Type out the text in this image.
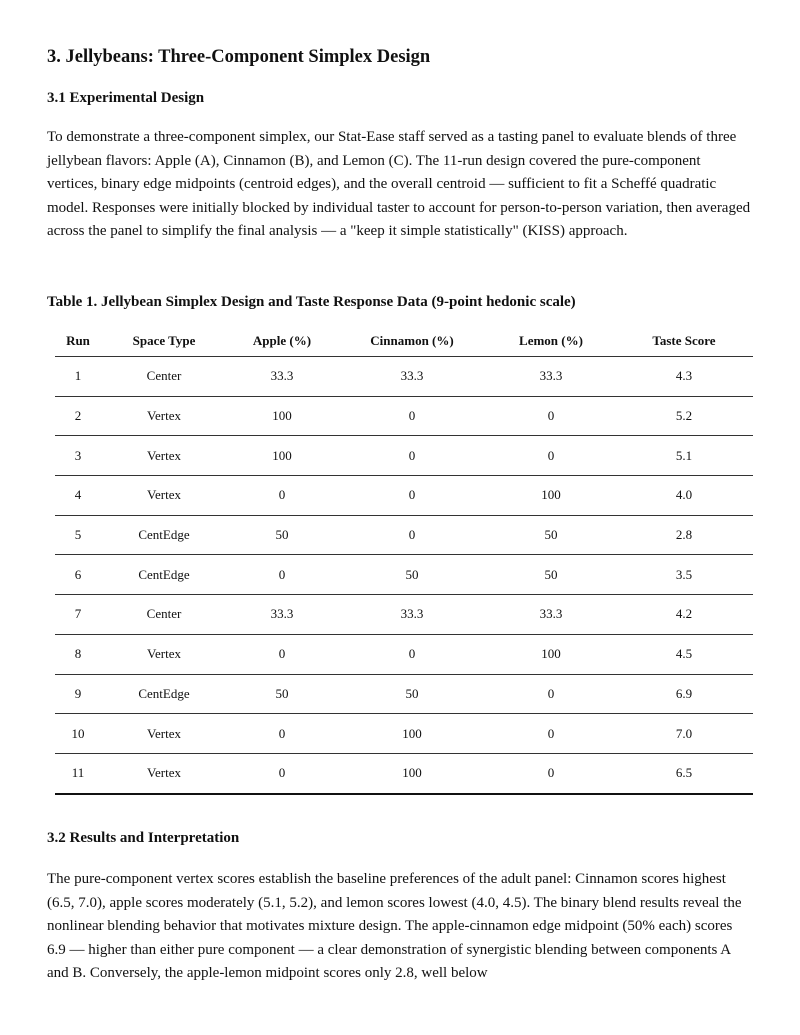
3. Jellybeans: Three-Component Simplex Design
3.1 Experimental Design

To demonstrate a three-component simplex, our Stat-Ease staff served as a tasting panel to evaluate blends of three jellybean flavors: Apple (A), Cinnamon (B), and Lemon (C). The 11-run design covered the pure-component vertices, binary edge midpoints (centroid edges), and the overall centroid — sufficient to fit a Scheffé quadratic model. Responses were initially blocked by individual taster to account for person-to-person variation, then averaged across the panel to simplify the final analysis — a "keep it simple statistically" (KISS) approach.

Table 1. Jellybean Simplex Design and Taste Response Data (9-point hedonic scale)
Run	Space Type	Apple (%)	Cinnamon (%)	Lemon (%)	Taste Score
1	Center	33.3	33.3	33.3	4.3
2	Vertex	100	0	0	5.2
3	Vertex	100	0	0	5.1
4	Vertex	0	0	100	4.0
5	CentEdge	50	0	50	2.8
6	CentEdge	0	50	50	3.5
7	Center	33.3	33.3	33.3	4.2
8	Vertex	0	0	100	4.5
9	CentEdge	50	50	0	6.9
10	Vertex	0	100	0	7.0
11	Vertex	0	100	0	6.5
3.2 Results and Interpretation

The pure-component vertex scores establish the baseline preferences of the adult panel: Cinnamon scores highest (6.5, 7.0), apple scores moderately (5.1, 5.2), and lemon scores lowest (4.0, 4.5). The binary blend results reveal the nonlinear blending behavior that motivates mixture design. The apple-cinnamon edge midpoint (50% each) scores 6.9 — higher than either pure component — a clear demonstration of synergistic blending between components A and B. Conversely, the apple-lemon midpoint scores only 2.8, well below
